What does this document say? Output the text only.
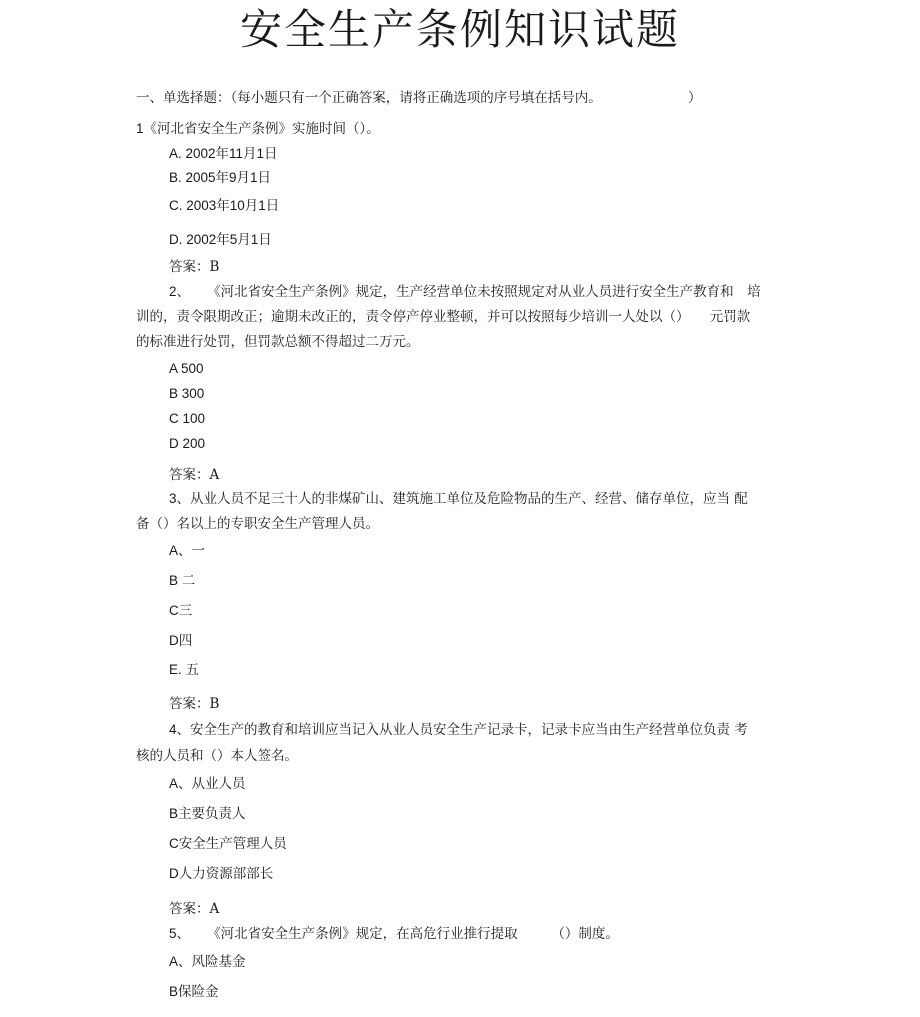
安全生产条例知识试题
一、单选择题：（每小题只有一个正确答案，请将正确选项的序号填在括号内。	）
1《河北省安全生产条例》实施时间（）。
A. 2002年11月1日
B. 2005年9月1日
C. 2003年10月1日
D. 2002年5月1日
答案：B
2、 《河北省安全生产条例》规定，生产经营单位未按照规定对从业人员进行安全生产教育和　培
训的，责令限期改正；逾期未改正的，责令停产停业整顿，并可以按照每少培训一人处以（）　　元罚款
的标准进行处罚，但罚款总额不得超过二万元。
A 500
B 300
C 100
D 200
答案：A
3、从业人员不足三十人的非煤矿山、建筑施工单位及危险物品的生产、经营、储存单位，应当 配
备（）名以上的专职安全生产管理人员。
A、一
B 二
C三
D四
E. 五
答案：B
4、安全生产的教育和培训应当记入从业人员安全生产记录卡，记录卡应当由生产经营单位负责 考
核的人员和（）本人签名。
A、从业人员
B主要负责人
C安全生产管理人员
D人力资源部部长
答案：A
5、 《河北省安全生产条例》规定，在高危行业推行提取　　　（）制度。
A、风险基金
B保险金
